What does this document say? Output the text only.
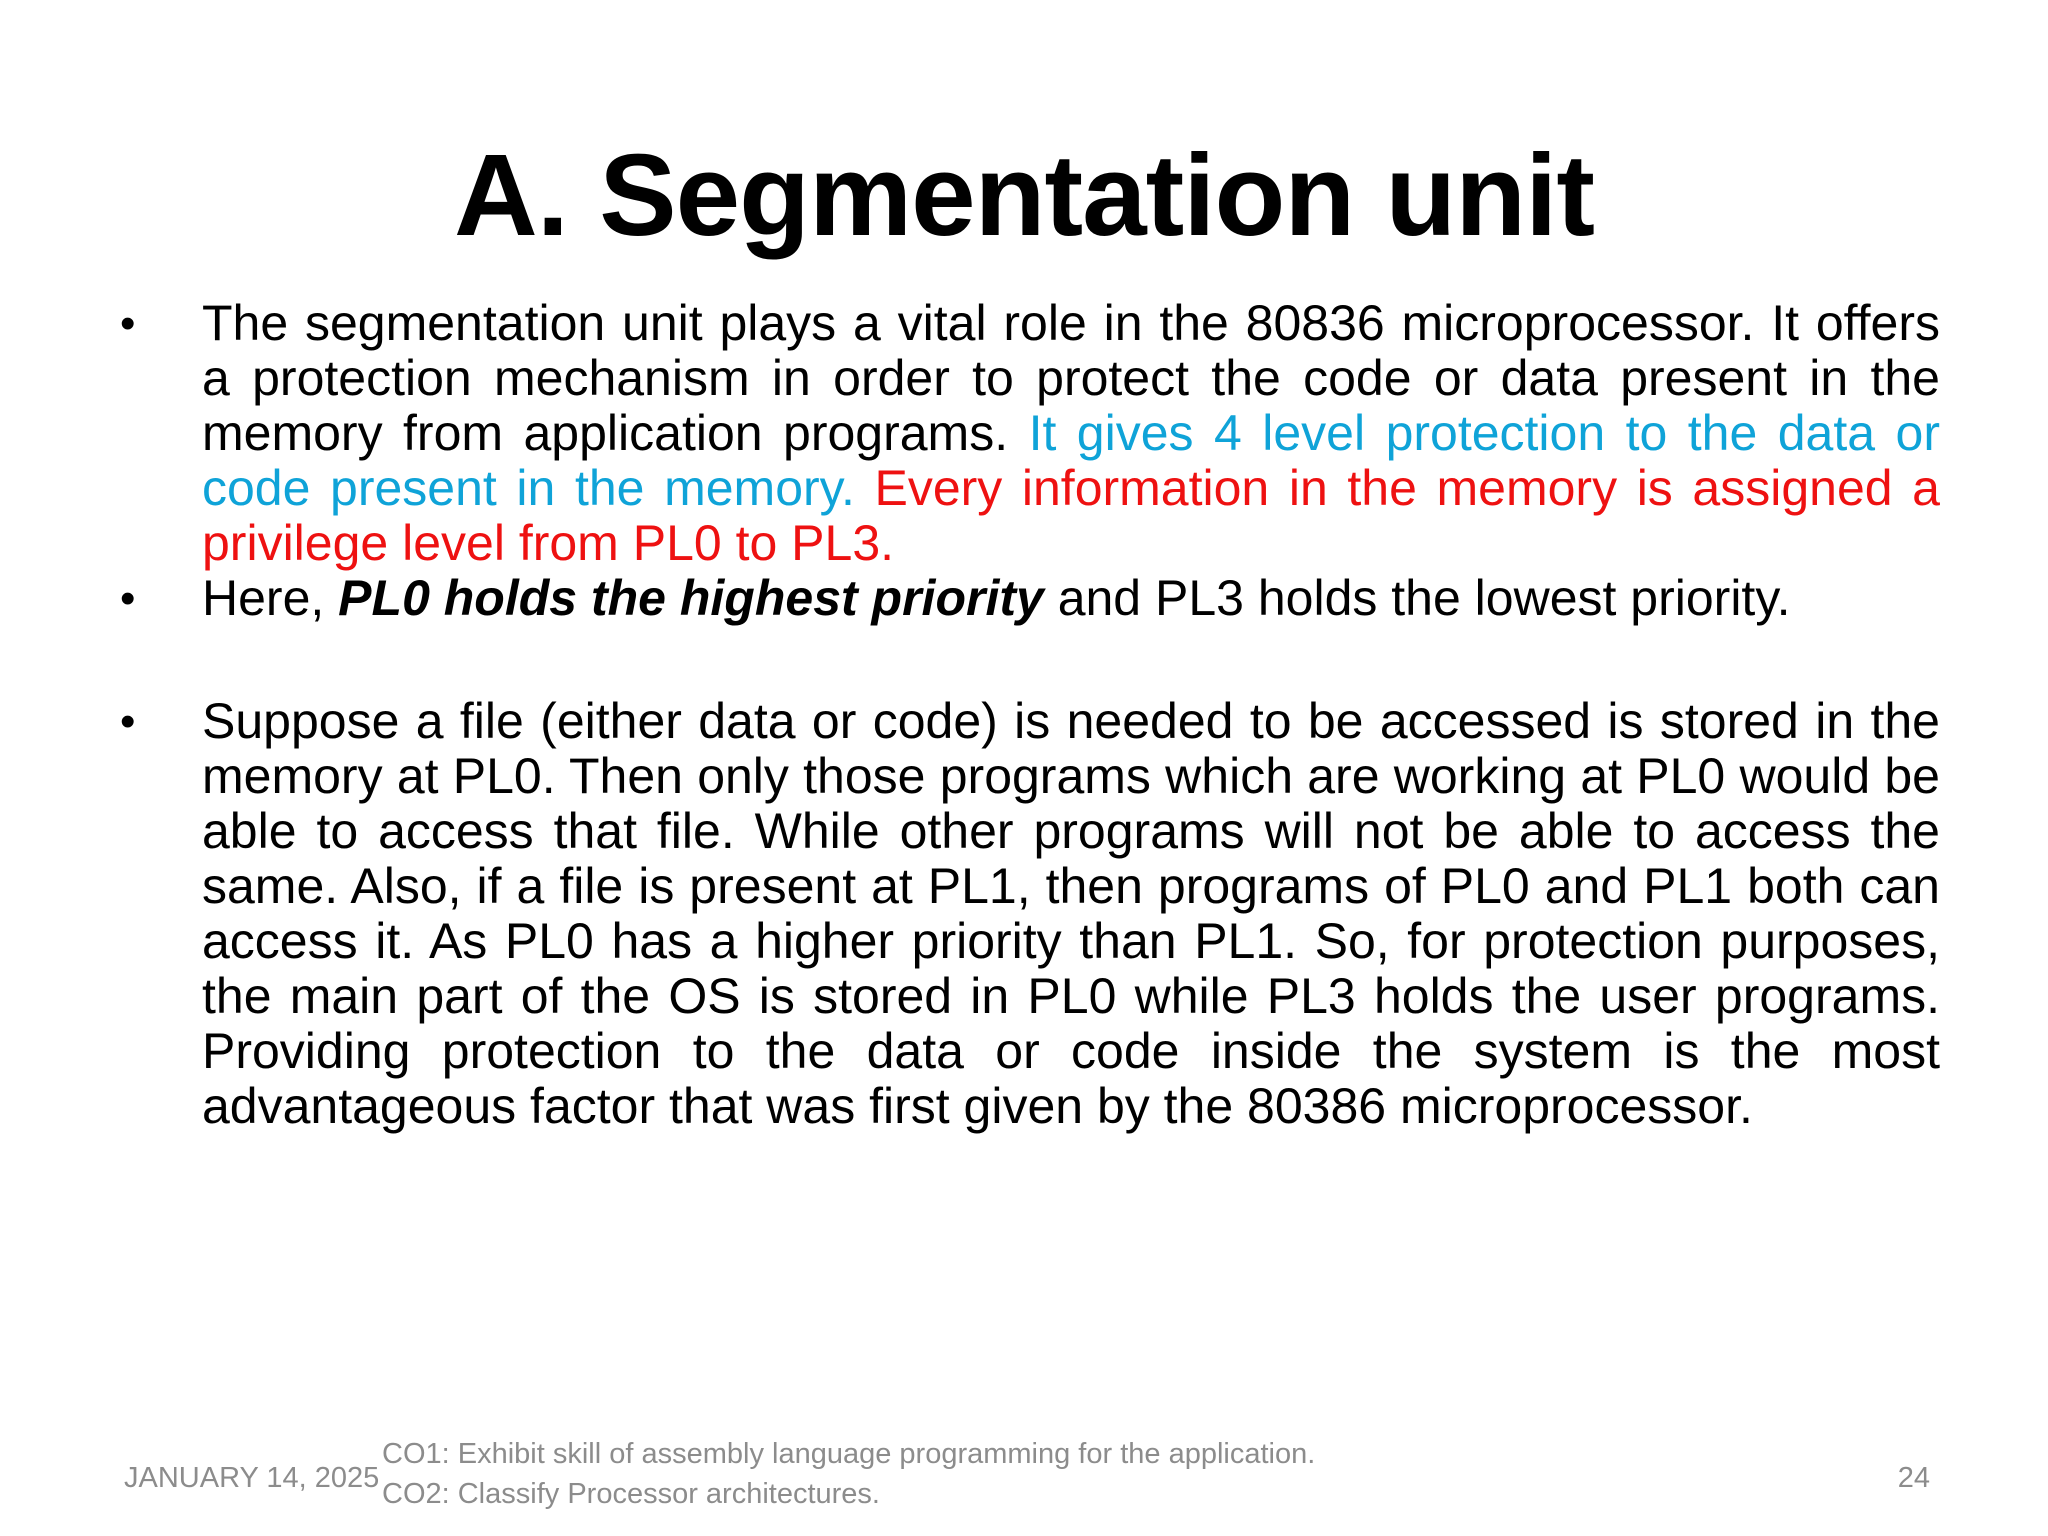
A. Segmentation unit
•	The segmentation unit plays a vital role in the 80836 microprocessor. It offers a protection mechanism in order to protect the code or data present in the memory from application programs. It gives 4 level protection to the data or code present in the memory. Every information in the memory is assigned a privilege level from PL0 to PL3.
•	Here, PL0 holds the highest priority and PL3 holds the lowest priority.
•	Suppose a file (either data or code) is needed to be accessed is stored in the memory at PL0. Then only those programs which are working at PL0 would be able to access that file. While other programs will not be able to access the same. Also, if a file is present at PL1, then programs of PL0 and PL1 both can access it. As PL0 has a higher priority than PL1. So, for protection purposes, the main part of the OS is stored in PL0 while PL3 holds the user programs. Providing protection to the data or code inside the system is the most advantageous factor that was first given by the 80386 microprocessor.
JANUARY 14, 2025
CO1: Exhibit skill of assembly language programming for the application.
CO2: Classify Processor architectures.	24
